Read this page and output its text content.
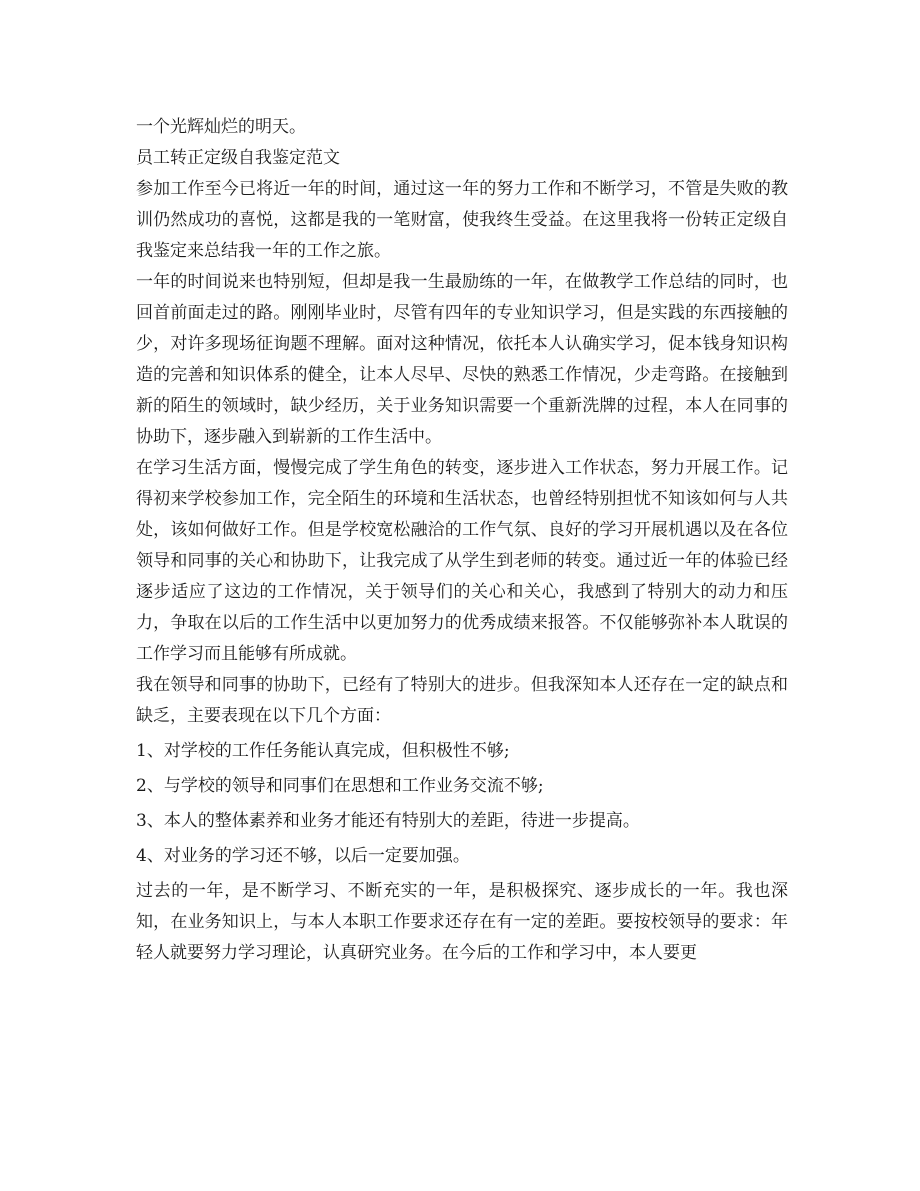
一个光辉灿烂的明天。

员工转正定级自我鉴定范文

参加工作至今已将近一年的时间，通过这一年的努力工作和不断学习，不管是失败的教训仍然成功的喜悦，这都是我的一笔财富，使我终生受益。在这里我将一份转正定级自我鉴定来总结我一年的工作之旅。

一年的时间说来也特别短，但却是我一生最励练的一年，在做教学工作总结的同时，也回首前面走过的路。刚刚毕业时，尽管有四年的专业知识学习，但是实践的东西接触的少，对许多现场征询题不理解。面对这种情况，依托本人认确实学习，促本钱身知识构造的完善和知识体系的健全，让本人尽早、尽快的熟悉工作情况，少走弯路。在接触到新的陌生的领域时，缺少经历，关于业务知识需要一个重新洗牌的过程，本人在同事的协助下，逐步融入到崭新的工作生活中。

在学习生活方面，慢慢完成了学生角色的转变，逐步进入工作状态，努力开展工作。记得初来学校参加工作，完全陌生的环境和生活状态，也曾经特别担忧不知该如何与人共处，该如何做好工作。但是学校宽松融洽的工作气氛、良好的学习开展机遇以及在各位领导和同事的关心和协助下，让我完成了从学生到老师的转变。通过近一年的体验已经逐步适应了这边的工作情况，关于领导们的关心和关心，我感到了特别大的动力和压力，争取在以后的工作生活中以更加努力的优秀成绩来报答。不仅能够弥补本人耽误的工作学习而且能够有所成就。

我在领导和同事的协助下，已经有了特别大的进步。但我深知本人还存在一定的缺点和缺乏，主要表现在以下几个方面：

1、对学校的工作任务能认真完成，但积极性不够;

2、与学校的领导和同事们在思想和工作业务交流不够;

3、本人的整体素养和业务才能还有特别大的差距，待进一步提高。

4、对业务的学习还不够，以后一定要加强。

过去的一年，是不断学习、不断充实的一年，是积极探究、逐步成长的一年。我也深知，在业务知识上，与本人本职工作要求还存在有一定的差距。要按校领导的要求：年轻人就要努力学习理论，认真研究业务。在今后的工作和学习中，本人要更
